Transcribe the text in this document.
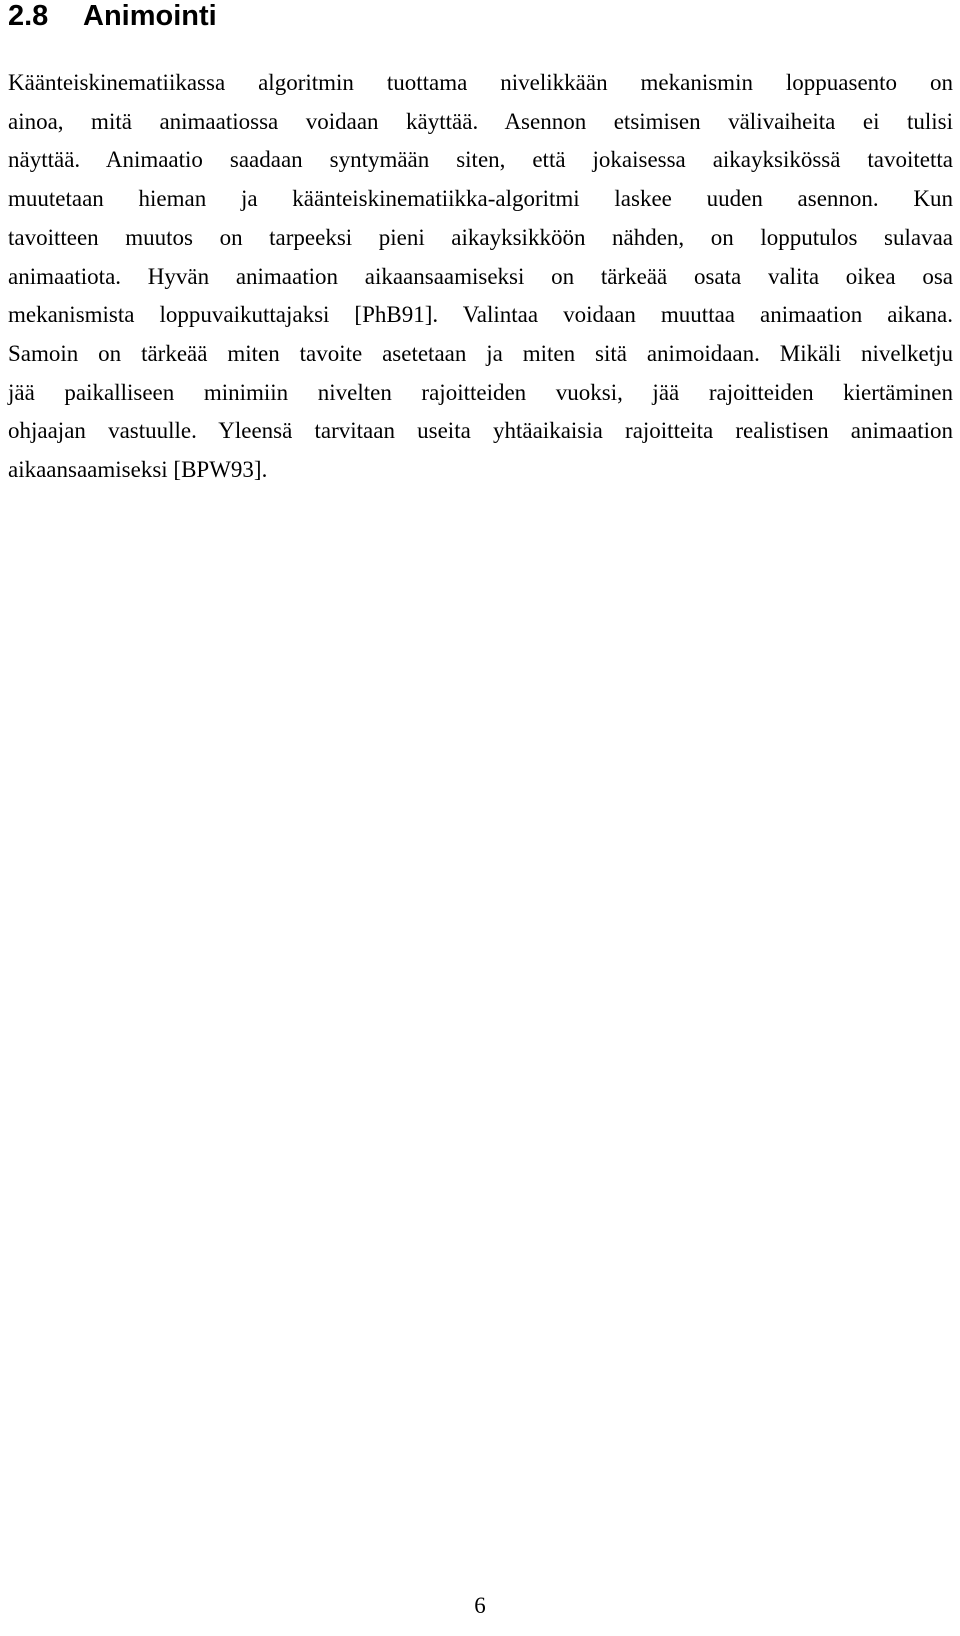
2.8 Animointi

Käänteiskinematiikassa algoritmin tuottama nivelikkään mekanismin loppuasento on
ainoa, mitä animaatiossa voidaan käyttää. Asennon etsimisen välivaiheita ei tulisi
näyttää. Animaatio saadaan syntymään siten, että jokaisessa aikayksikössä tavoitetta
muutetaan hieman ja käänteiskinematiikka-algoritmi laskee uuden asennon. Kun
tavoitteen muutos on tarpeeksi pieni aikayksikköön nähden, on lopputulos sulavaa
animaatiota. Hyvän animaation aikaansaamiseksi on tärkeää osata valita oikea osa
mekanismista loppuvaikuttajaksi [PhB91]. Valintaa voidaan muuttaa animaation aikana.
Samoin on tärkeää miten tavoite asetetaan ja miten sitä animoidaan. Mikäli nivelketju
jää paikalliseen minimiin nivelten rajoitteiden vuoksi, jää rajoitteiden kiertäminen
ohjaajan vastuulle. Yleensä tarvitaan useita yhtäaikaisia rajoitteita realistisen animaation
aikaansaamiseksi [BPW93].

6
